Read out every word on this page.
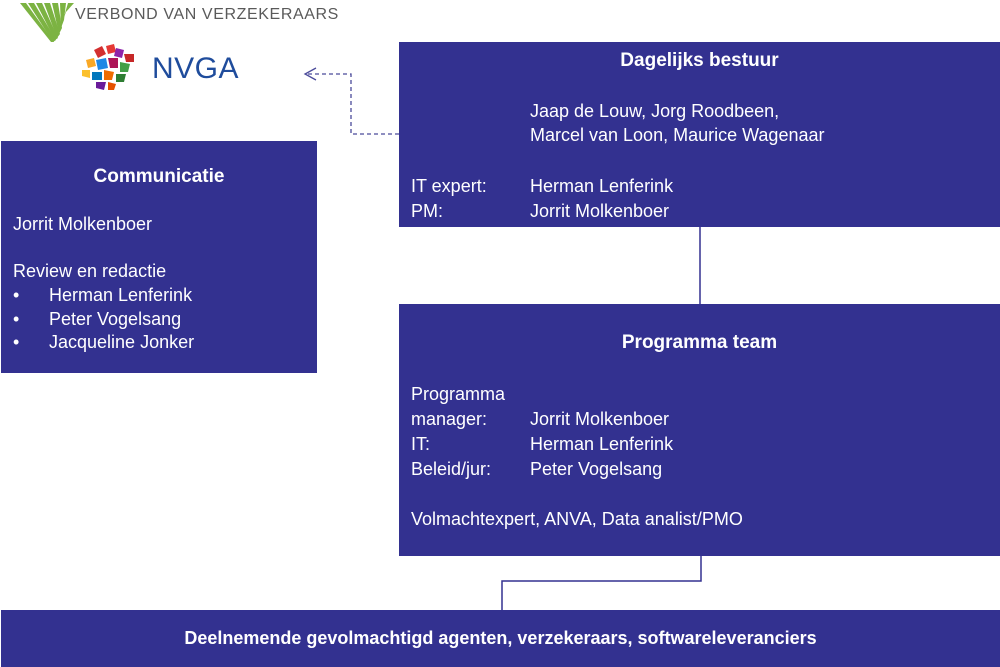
VERBOND VAN VERZEKERAARS
NVGA	Dagelijks bestuur
Jaap de Louw, Jorg Roodbeen,
Marcel van Loon, Maurice Wagenaar
IT expert: Herman Lenferink
PM:	Jorrit Molkenboer
Communicatie
Jorrit Molkenboer
Review en redactie
• Herman Lenferink
• Peter Vogelsang
• Jacqueline Jonker	Programma team
Programma
manager: Jorrit Molkenboer
IT:	Herman Lenferink
Beleid/jur: Peter Vogelsang
Volmachtexpert, ANVA, Data analist/PMO
Deelnemende gevolmachtigd agenten, verzekeraars, softwareleveranciers
